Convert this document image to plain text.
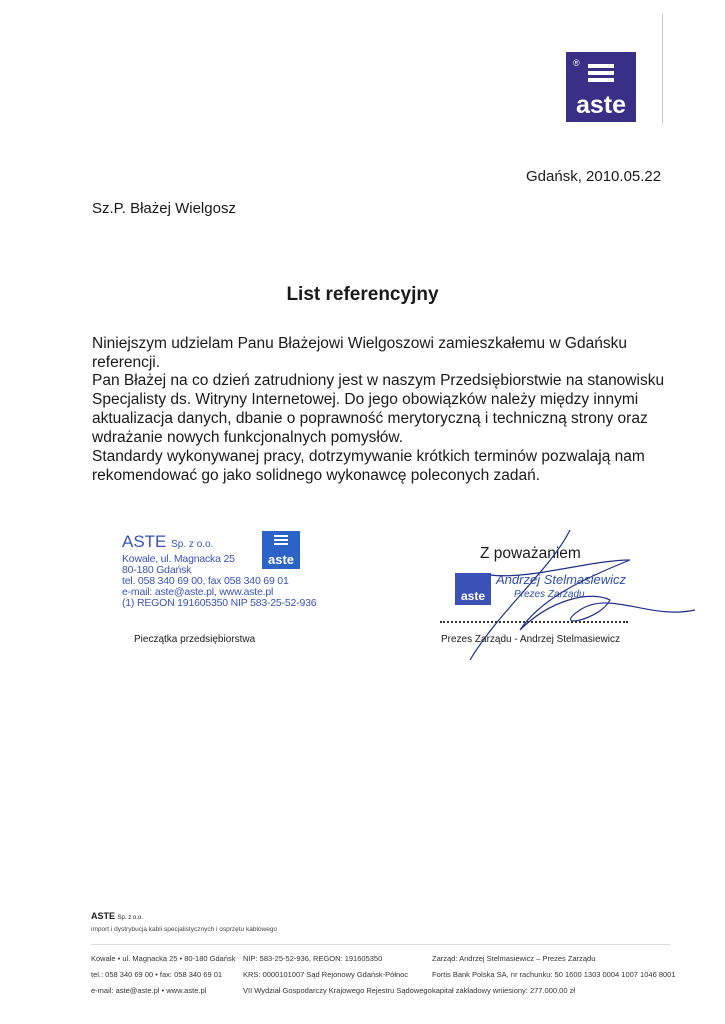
®
aste
Gdańsk, 2010.05.22
Sz.P. Błażej Wielgosz
List referencyjny
Niniejszym udzielam Panu Błażejowi Wielgoszowi zamieszkałemu w Gdańsku referencji.
Pan Błażej na co dzień zatrudniony jest w naszym Przedsiębiorstwie na stanowisku Specjalisty ds. Witryny Internetowej. Do jego obowiązków należy między innymi aktualizacja danych, dbanie o poprawność merytoryczną i techniczną strony oraz wdrażanie nowych funkcjonalnych pomysłów.
Standardy wykonywanej pracy, dotrzymywanie krótkich terminów pozwalają nam rekomendować go jako solidnego wykonawcę poleconych zadań.
ASTE Sp. z o.o.
Kowale, ul. Magnacka 25
80-180 Gdańsk
tel. 058 340 69 00, fax 058 340 69 01
e-mail: aste@aste.pl, www.aste.pl
(1) REGON 191605350 NIP 583-25-52-936
aste
Pieczątka przedsiębiorstwa
Z poważaniem
aste
Andrzej Stelmasiewicz
Prezes Zarządu
Prezes Zarządu - Andrzej Stelmasiewicz
ASTE Sp. z o.o.
import i dystrybucja kabli specjalistycznych i osprzętu kablowego
Kowale • ul. Magnacka 25 • 80-180 Gdańsk
tel.: 058 340 69 00 • fax: 058 340 69 01
e-mail: aste@aste.pl • www.aste.pl
NIP: 583-25-52-936, REGON: 191605350
KRS: 0000101007 Sąd Rejonowy Gdańsk-Północ
VII Wydział Gospodarczy Krajowego Rejestru Sądowego
Zarząd: Andrzej Stelmasiewicz – Prezes Zarządu
Fortis Bank Polska SA, nr rachunku: 50 1600 1303 0004 1007 1046 8001
kapitał zakładowy wniesiony: 277.000,00 zł
